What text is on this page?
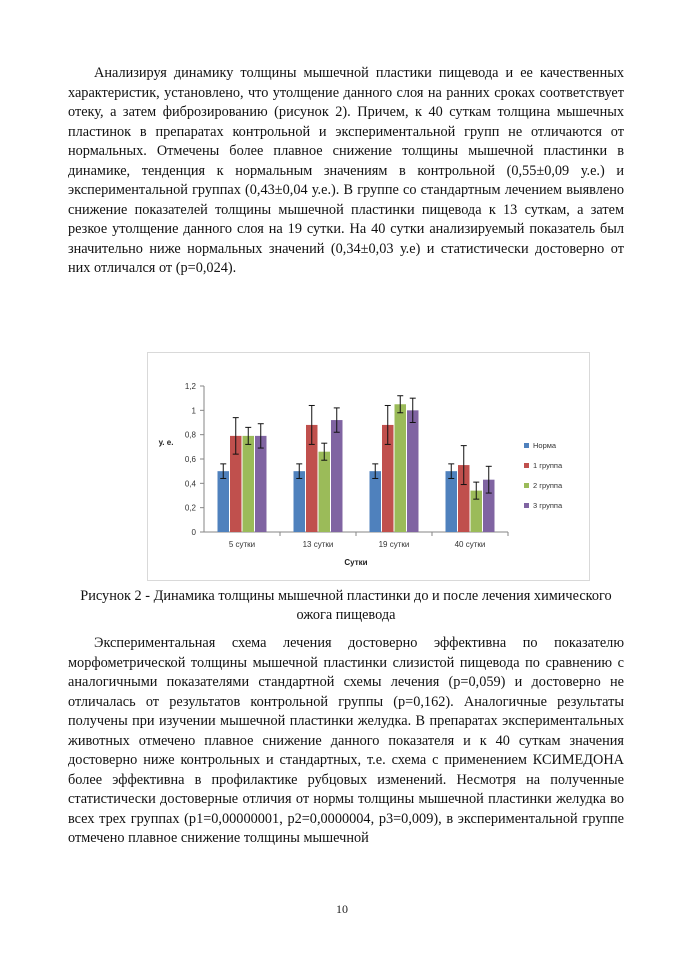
Анализируя динамику толщины мышечной пластики пищевода и ее качественных характеристик, установлено, что утолщение данного слоя на ранних сроках соответствует отеку, а затем фиброзированию (рисунок 2). Причем, к 40 суткам толщина мышечных пластинок в препаратах контрольной и экспериментальной групп не отличаются от нормальных. Отмечены более плавное снижение толщины мышечной пластинки в динамике, тенденция к нормальным значениям в контрольной (0,55±0,09 у.е.) и экспериментальной группах (0,43±0,04 у.е.). В группе со стандартным лечением выявлено снижение показателей толщины мышечной пластинки пищевода к 13 суткам, а затем резкое утолщение данного слоя на 19 сутки. На 40 сутки анализируемый показатель был значительно ниже нормальных значений (0,34±0,03 у.е) и статистически достоверно от них отличался от (р=0,024).

0
0,2
0,4
0,6
0,8
1
1,2
у. е.
5 сутки	13 сутки	19 сутки	40 сутки
Сутки
Норма
1 группа
2 группа
3 группа
Рисунок 2 - Динамика толщины мышечной пластинки до и после лечения химического ожога пищевода

Экспериментальная схема лечения достоверно эффективна по показателю морфометрической толщины мышечной пластинки слизистой пищевода по сравнению с аналогичными показателями стандартной схемы лечения (р=0,059) и достоверно не отличалась от результатов контрольной группы (р=0,162). Аналогичные результаты получены при изучении мышечной пластинки желудка. В препаратах экспериментальных животных отмечено плавное снижение данного показателя и к 40 суткам значения достоверно ниже контрольных и стандартных, т.е. схема с применением КСИМЕДОНА более эффективна в профилактике рубцовых изменений. Несмотря на полученные статистически достоверные отличия от нормы толщины мышечной пластинки желудка во всех трех группах (р1=0,00000001, р2=0,0000004, р3=0,009), в экспериментальной группе отмечено плавное снижение толщины мышечной

10
